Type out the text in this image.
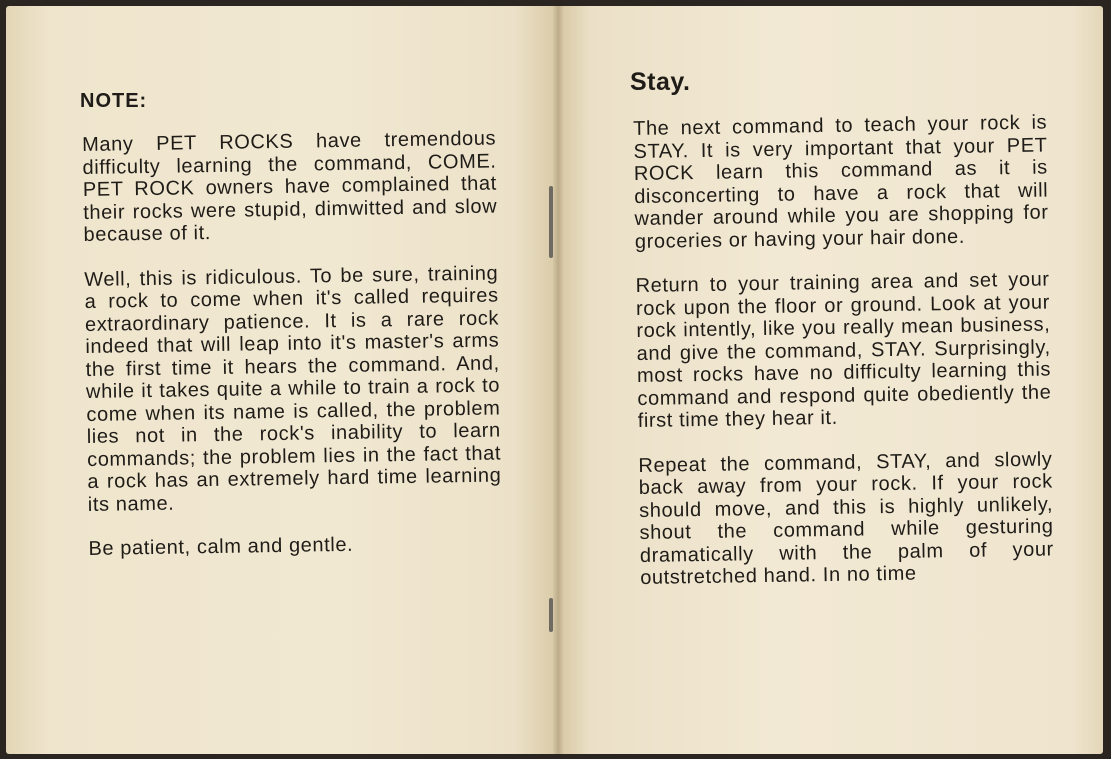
NOTE:

Many PET ROCKS have tremendous difficulty learning the command, COME. PET ROCK owners have complained that their rocks were stupid, dimwitted and slow because of it.

Well, this is ridiculous. To be sure, training a rock to come when it's called requires extraordinary patience. It is a rare rock indeed that will leap into it's master's arms the first time it hears the command. And, while it takes quite a while to train a rock to come when its name is called, the problem lies not in the rock's inability to learn commands; the problem lies in the fact that a rock has an extremely hard time learning its name.

Be patient, calm and gentle.

Stay.

The next command to teach your rock is STAY. It is very important that your PET ROCK learn this command as it is disconcerting to have a rock that will wander around while you are shopping for groceries or having your hair done.

Return to your training area and set your rock upon the floor or ground. Look at your rock intently, like you really mean business, and give the command, STAY. Surprisingly, most rocks have no difficulty learning this command and respond quite obediently the first time they hear it.

Repeat the command, STAY, and slowly back away from your rock. If your rock should move, and this is highly unlikely, shout the command while gesturing dramatically with the palm of your outstretched hand. In no time
